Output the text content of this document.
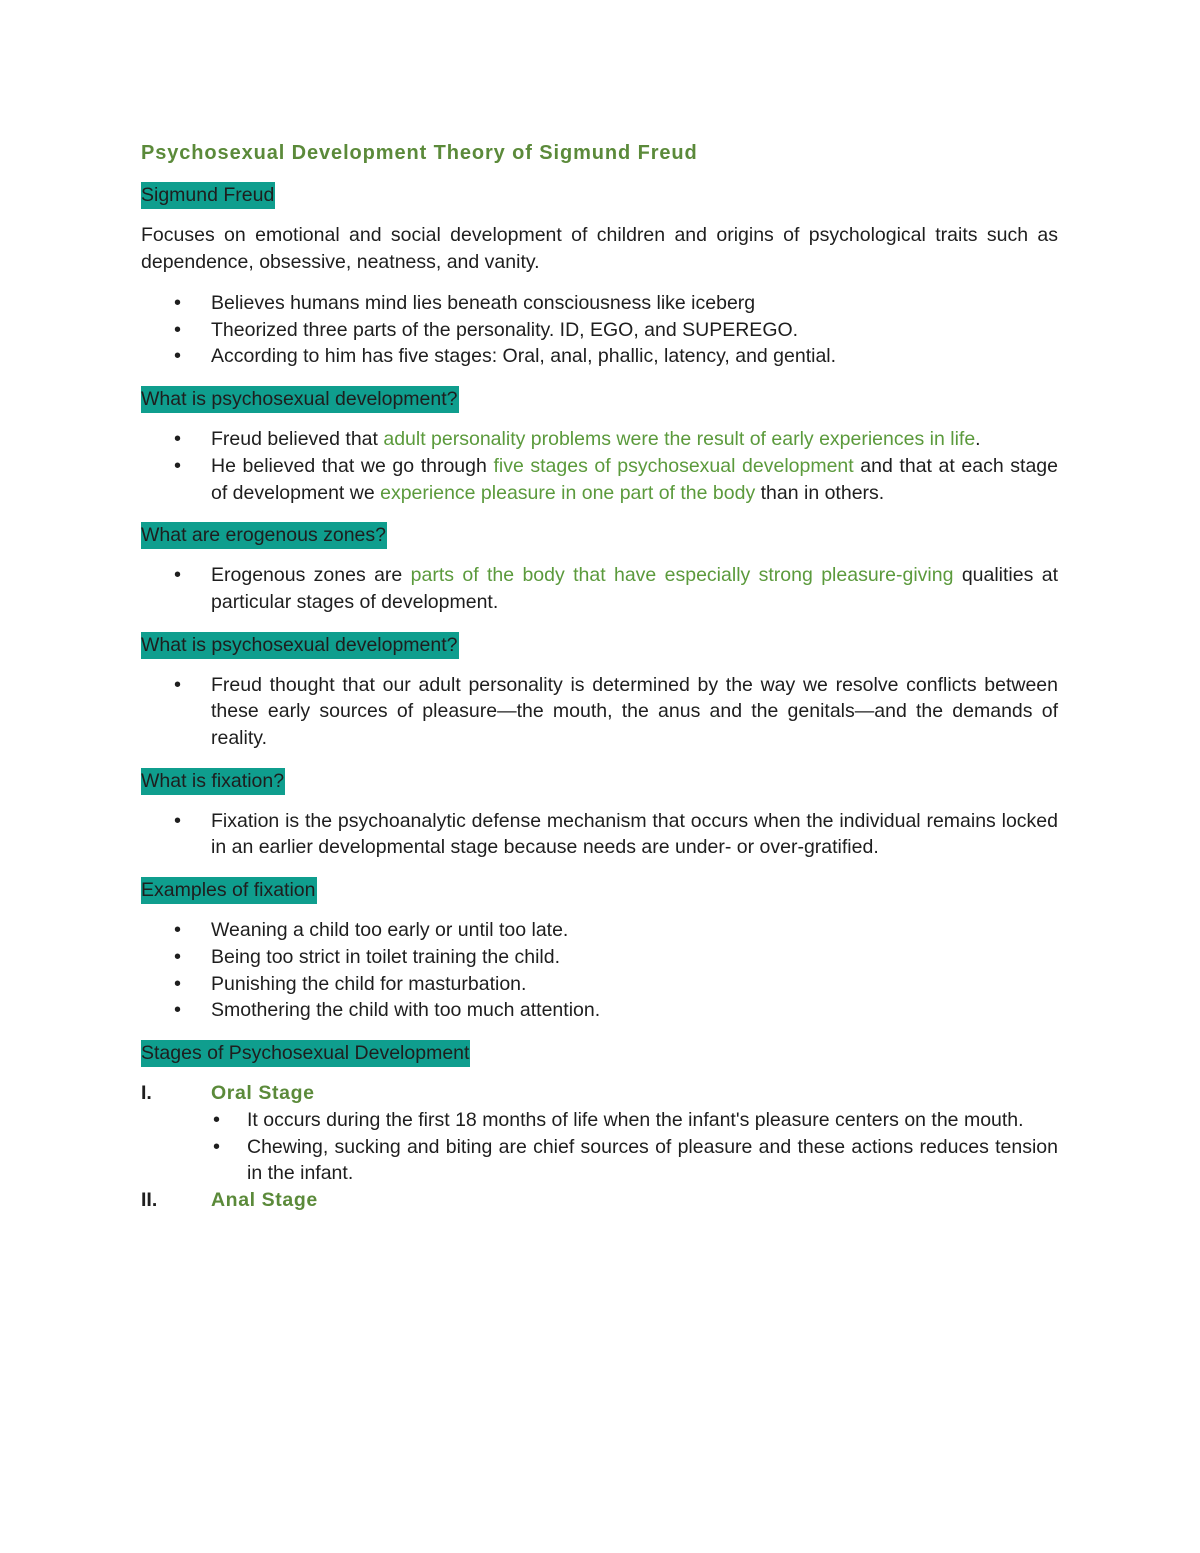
Psychosexual Development Theory of Sigmund Freud
Sigmund Freud

Focuses on emotional and social development of children and origins of psychological traits such as dependence, obsessive, neatness, and vanity.

• Believes humans mind lies beneath consciousness like iceberg
• Theorized three parts of the personality. ID, EGO, and SUPEREGO.
• According to him has five stages: Oral, anal, phallic, latency, and gential.
What is psychosexual development?
• Freud believed that adult personality problems were the result of early experiences in life.
• He believed that we go through five stages of psychosexual development and that at each stage of development we experience pleasure in one part of the body than in others.
What are erogenous zones?
• Erogenous zones are parts of the body that have especially strong pleasure-giving qualities at particular stages of development.
What is psychosexual development?
• Freud thought that our adult personality is determined by the way we resolve conflicts between these early sources of pleasure—the mouth, the anus and the genitals—and the demands of reality.
What is fixation?
• Fixation is the psychoanalytic defense mechanism that occurs when the individual remains locked in an earlier developmental stage because needs are under- or over-gratified.
Examples of fixation
• Weaning a child too early or until too late.
• Being too strict in toilet training the child.
• Punishing the child for masturbation.
• Smothering the child with too much attention.
Stages of Psychosexual Development
I.	Oral Stage
• It occurs during the first 18 months of life when the infant's pleasure centers on the mouth.
• Chewing, sucking and biting are chief sources of pleasure and these actions reduces tension in the infant.
II.	Anal Stage
